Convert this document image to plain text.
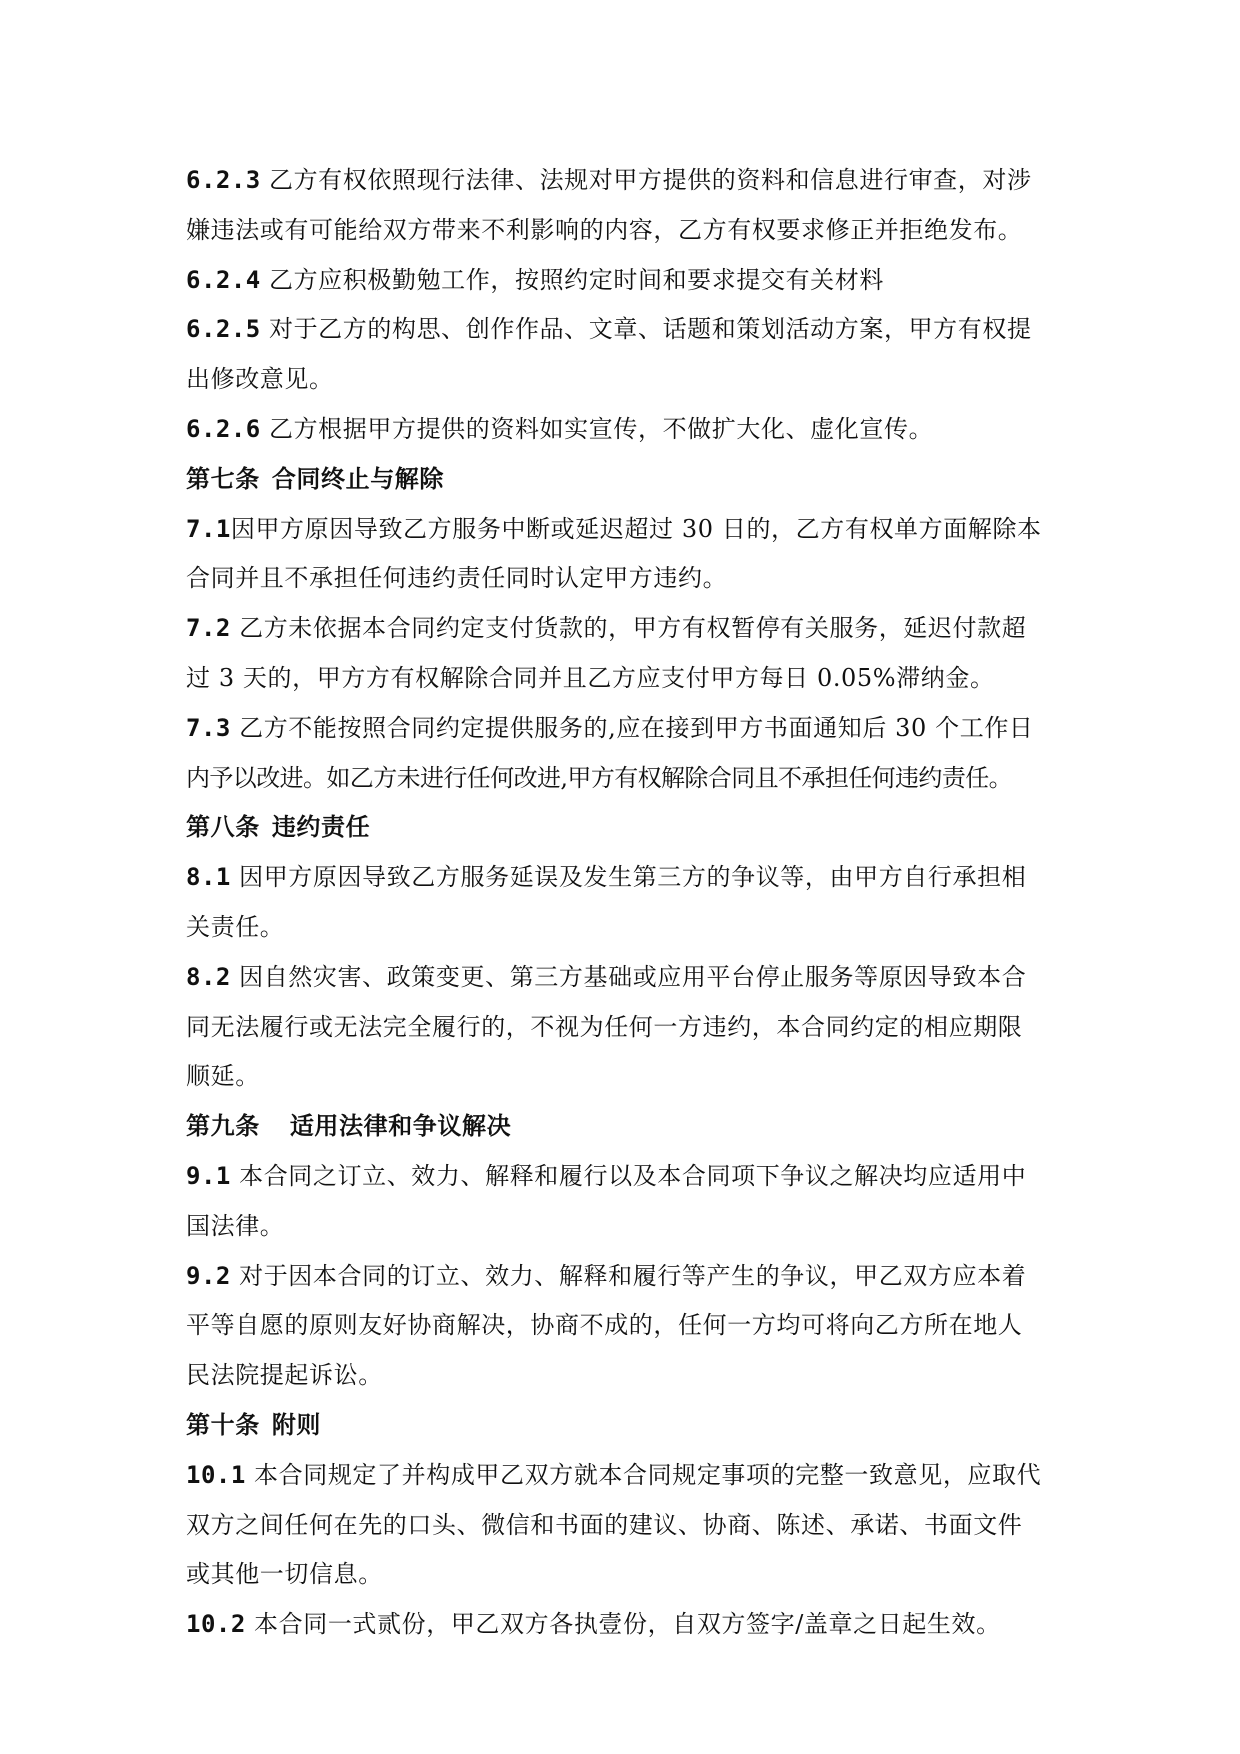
6.2.3 乙方有权依照现行法律、法规对甲方提供的资料和信息进行审查，对涉
嫌违法或有可能给双方带来不利影响的内容，乙方有权要求修正并拒绝发布。
6.2.4 乙方应积极勤勉工作，按照约定时间和要求提交有关材料
6.2.5 对于乙方的构思、创作作品、文章、话题和策划活动方案，甲方有权提
出修改意见。
6.2.6 乙方根据甲方提供的资料如实宣传，不做扩大化、虚化宣传。
第七条 合同终止与解除
7.1因甲方原因导致乙方服务中断或延迟超过 30 日的，乙方有权单方面解除本
合同并且不承担任何违约责任同时认定甲方违约。
7.2 乙方未依据本合同约定支付货款的，甲方有权暂停有关服务，延迟付款超
过 3 天的，甲方方有权解除合同并且乙方应支付甲方每日 0.05%滞纳金。
7.3 乙方不能按照合同约定提供服务的,应在接到甲方书面通知后 30 个工作日
内予以改进。如乙方未进行任何改进,甲方有权解除合同且不承担任何违约责任。
第八条 违约责任
8.1 因甲方原因导致乙方服务延误及发生第三方的争议等，由甲方自行承担相
关责任。
8.2 因自然灾害、政策变更、第三方基础或应用平台停止服务等原因导致本合
同无法履行或无法完全履行的，不视为任何一方违约，本合同约定的相应期限
顺延。
第九条 适用法律和争议解决
9.1 本合同之订立、效力、解释和履行以及本合同项下争议之解决均应适用中
国法律。
9.2 对于因本合同的订立、效力、解释和履行等产生的争议，甲乙双方应本着
平等自愿的原则友好协商解决，协商不成的，任何一方均可将向乙方所在地人
民法院提起诉讼。
第十条 附则
10.1 本合同规定了并构成甲乙双方就本合同规定事项的完整一致意见，应取代
双方之间任何在先的口头、微信和书面的建议、协商、陈述、承诺、书面文件
或其他一切信息。
10.2 本合同一式贰份，甲乙双方各执壹份，自双方签字/盖章之日起生效。
